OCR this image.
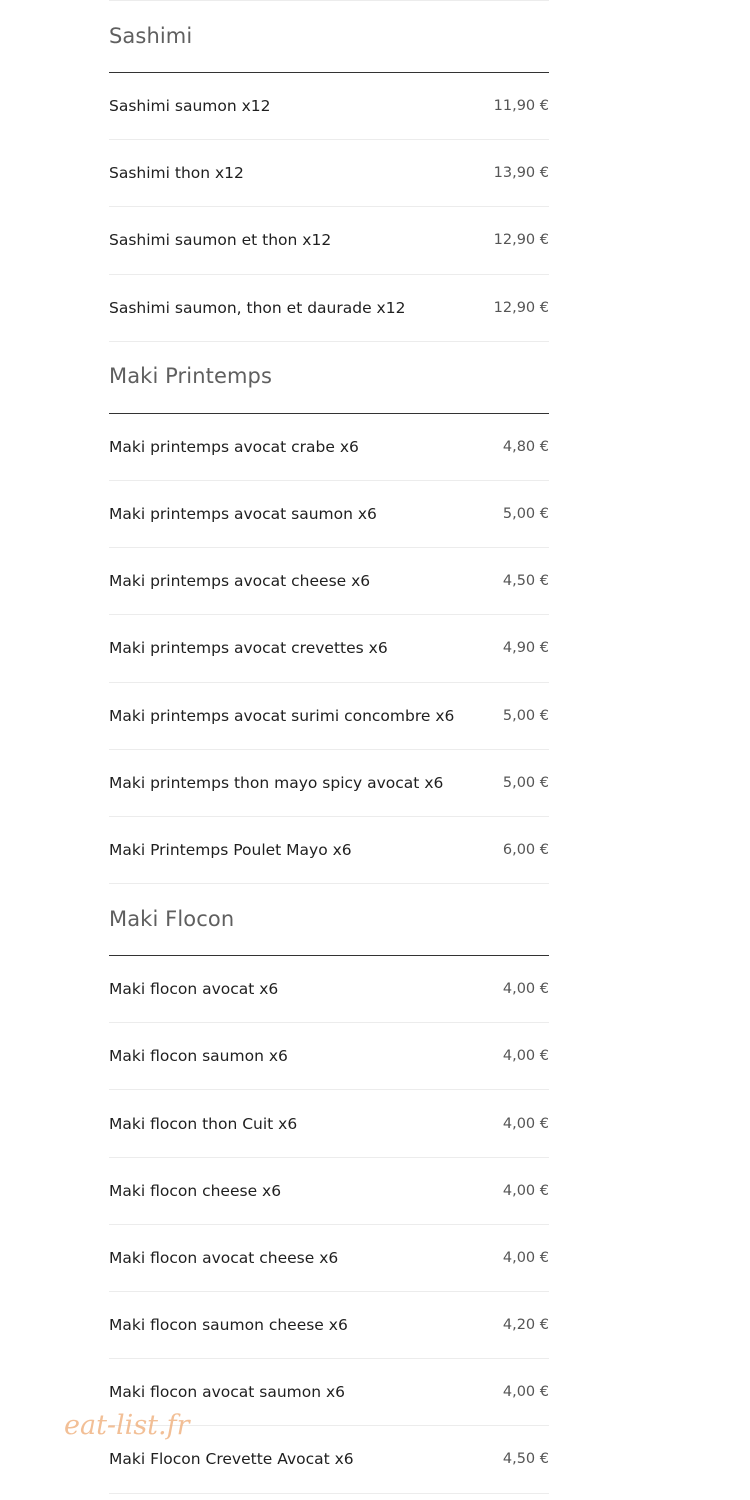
Sashimi
Sashimi saumon x12	11,90 €
Sashimi thon x12	13,90 €
Sashimi saumon et thon x12	12,90 €
Sashimi saumon, thon et daurade x12	12,90 €
Maki Printemps
Maki printemps avocat crabe x6	4,80 €
Maki printemps avocat saumon x6	5,00 €
Maki printemps avocat cheese x6	4,50 €
Maki printemps avocat crevettes x6	4,90 €
Maki printemps avocat surimi concombre x6	5,00 €
Maki printemps thon mayo spicy avocat x6	5,00 €
Maki Printemps Poulet Mayo x6	6,00 €
Maki Flocon
Maki flocon avocat x6	4,00 €
Maki flocon saumon x6	4,00 €
Maki flocon thon Cuit x6	4,00 €
Maki flocon cheese x6	4,00 €
Maki flocon avocat cheese x6	4,00 €
Maki flocon saumon cheese x6	4,20 €
Maki flocon avocat saumon x6	4,00 €
Maki Flocon Crevette Avocat x6	4,50 €
eat-list.fr
